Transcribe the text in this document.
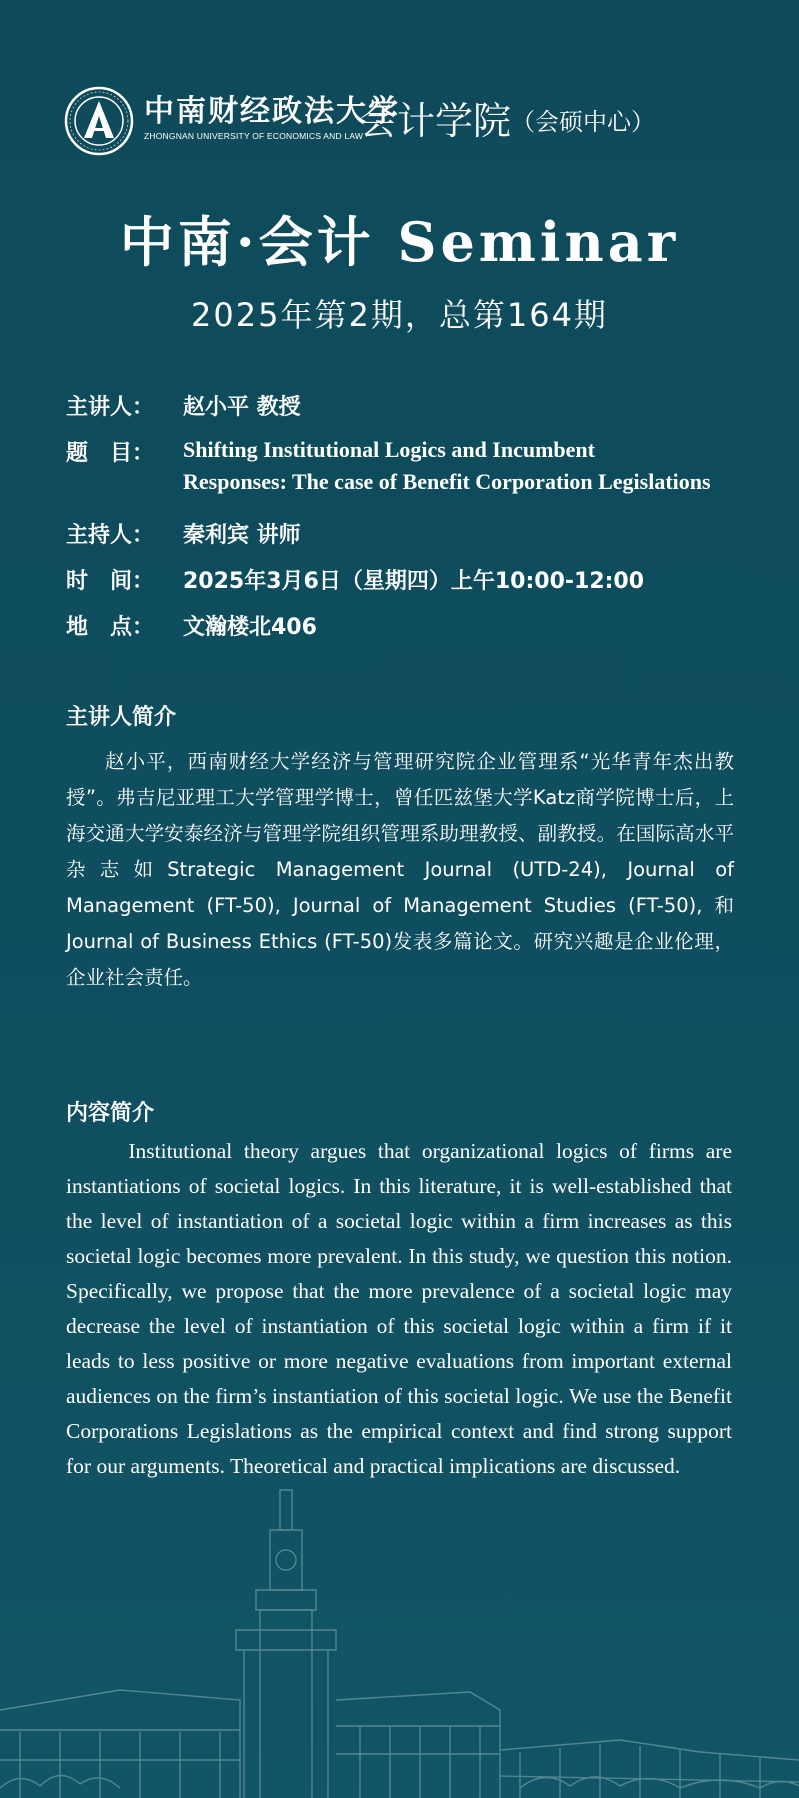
中南财经政法大学
ZHONGNAN UNIVERSITY OF ECONOMICS AND LAW
会计学院（会硕中心）
中南·会计 Seminar
2025年第2期，总第164期
主讲人： 赵小平 教授
题　目： Shifting Institutional Logics and Incumbent
Responses: The case of Benefit Corporation Legislations
主持人： 秦利宾 讲师
时　间： 2025年3月6日（星期四）上午10:00-12:00
地　点： 文瀚楼北406
主讲人简介

赵小平，西南财经大学经济与管理研究院企业管理系“光华青年杰出教授”。弗吉尼亚理工大学管理学博士，曾任匹兹堡大学Katz商学院博士后，上海交通大学安泰经济与管理学院组织管理系助理教授、副教授。在国际高水平杂志如Strategic Management Journal (UTD-24), Journal of Management (FT-50), Journal of Management Studies (FT-50), 和Journal of Business Ethics (FT-50)发表多篇论文。研究兴趣是企业伦理，企业社会责任。

内容简介

Institutional theory argues that organizational logics of firms are instantiations of societal logics. In this literature, it is well-established that the level of instantiation of a societal logic within a firm increases as this societal logic becomes more prevalent. In this study, we question this notion. Specifically, we propose that the more prevalence of a societal logic may decrease the level of instantiation of this societal logic within a firm if it leads to less positive or more negative evaluations from important external audiences on the firm’s instantiation of this societal logic. We use the Benefit Corporations Legislations as the empirical context and find strong support for our arguments. Theoretical and practical implications are discussed.
